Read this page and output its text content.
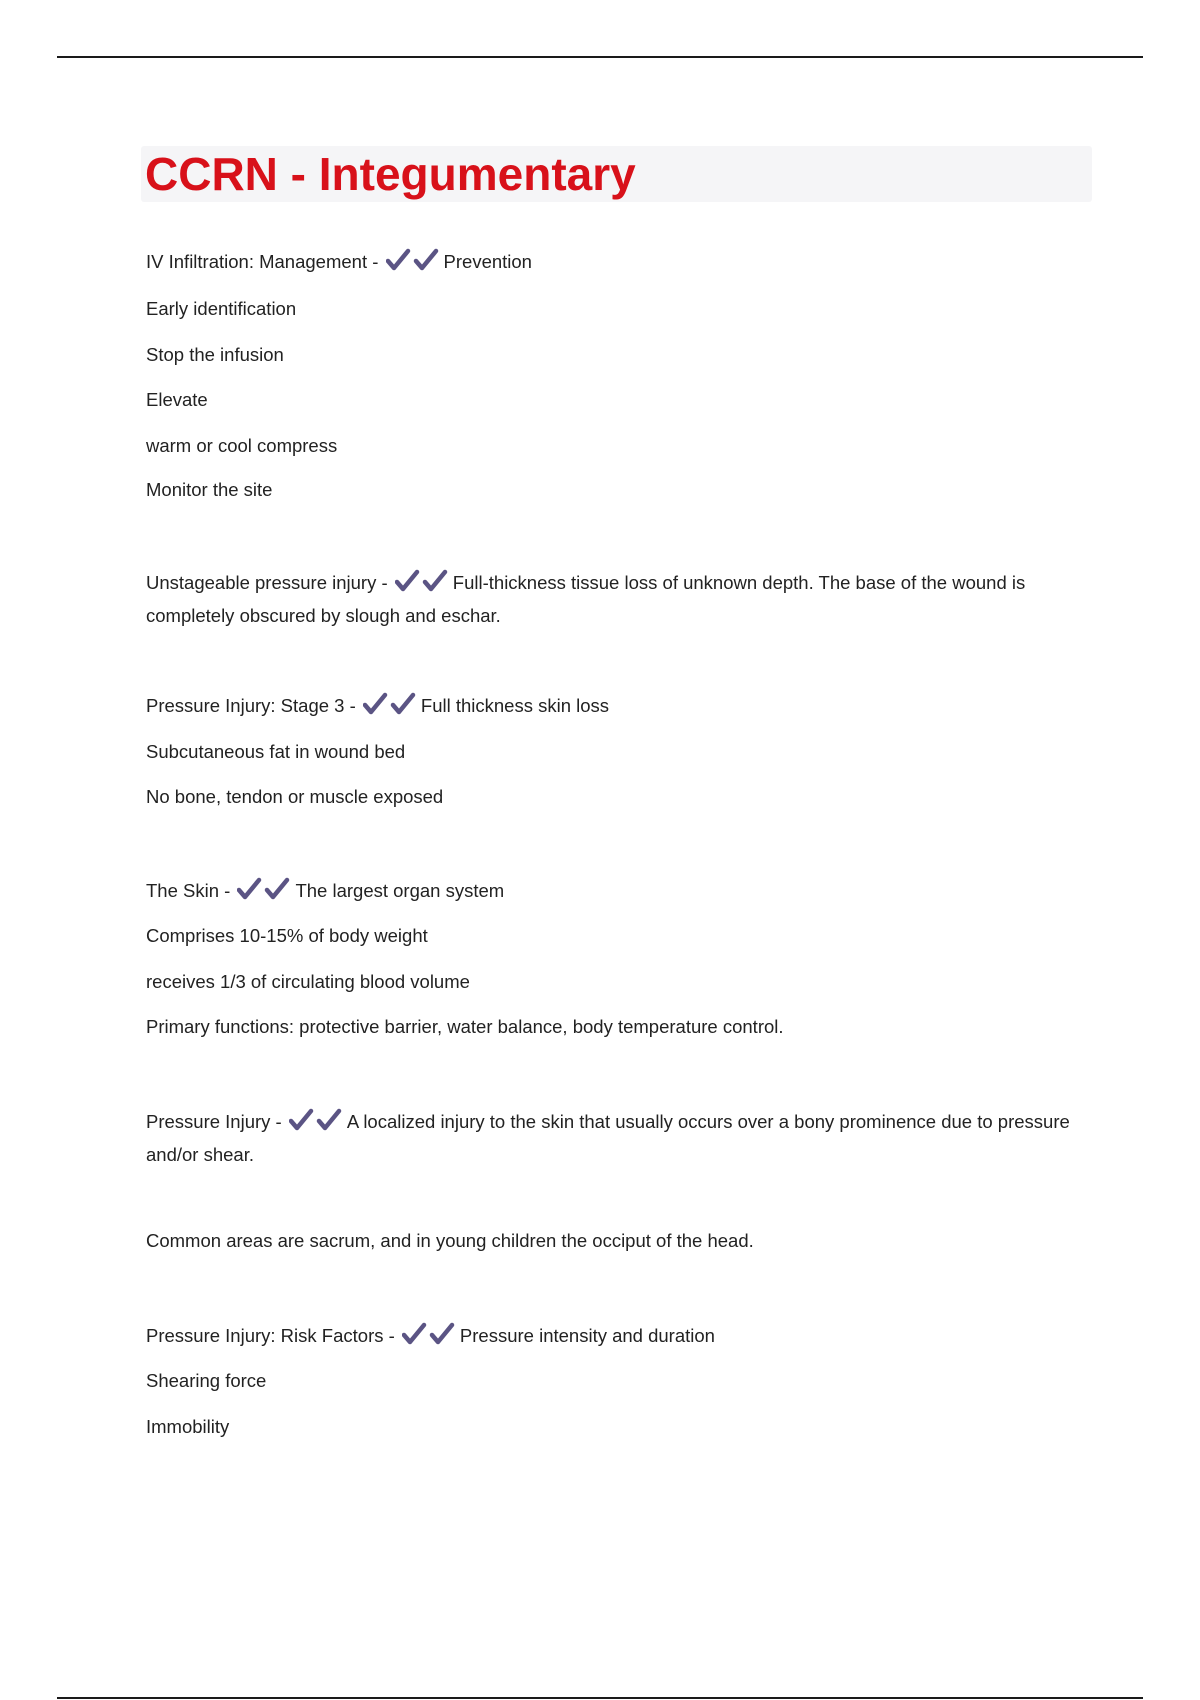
CCRN - Integumentary
IV Infiltration: Management -	Prevention
Early identification
Stop the infusion
Elevate
warm or cool compress
Monitor the site
Unstageable pressure injury -	Full-thickness tissue loss of unknown depth. The base of the wound is completely obscured by slough and eschar.
Pressure Injury: Stage 3 -	Full thickness skin loss
Subcutaneous fat in wound bed
No bone, tendon or muscle exposed
The Skin -	The largest organ system
Comprises 10-15% of body weight
receives 1/3 of circulating blood volume
Primary functions: protective barrier, water balance, body temperature control.
Pressure Injury -	A localized injury to the skin that usually occurs over a bony prominence due to pressure and/or shear.
Common areas are sacrum, and in young children the occiput of the head.
Pressure Injury: Risk Factors -	Pressure intensity and duration
Shearing force
Immobility
